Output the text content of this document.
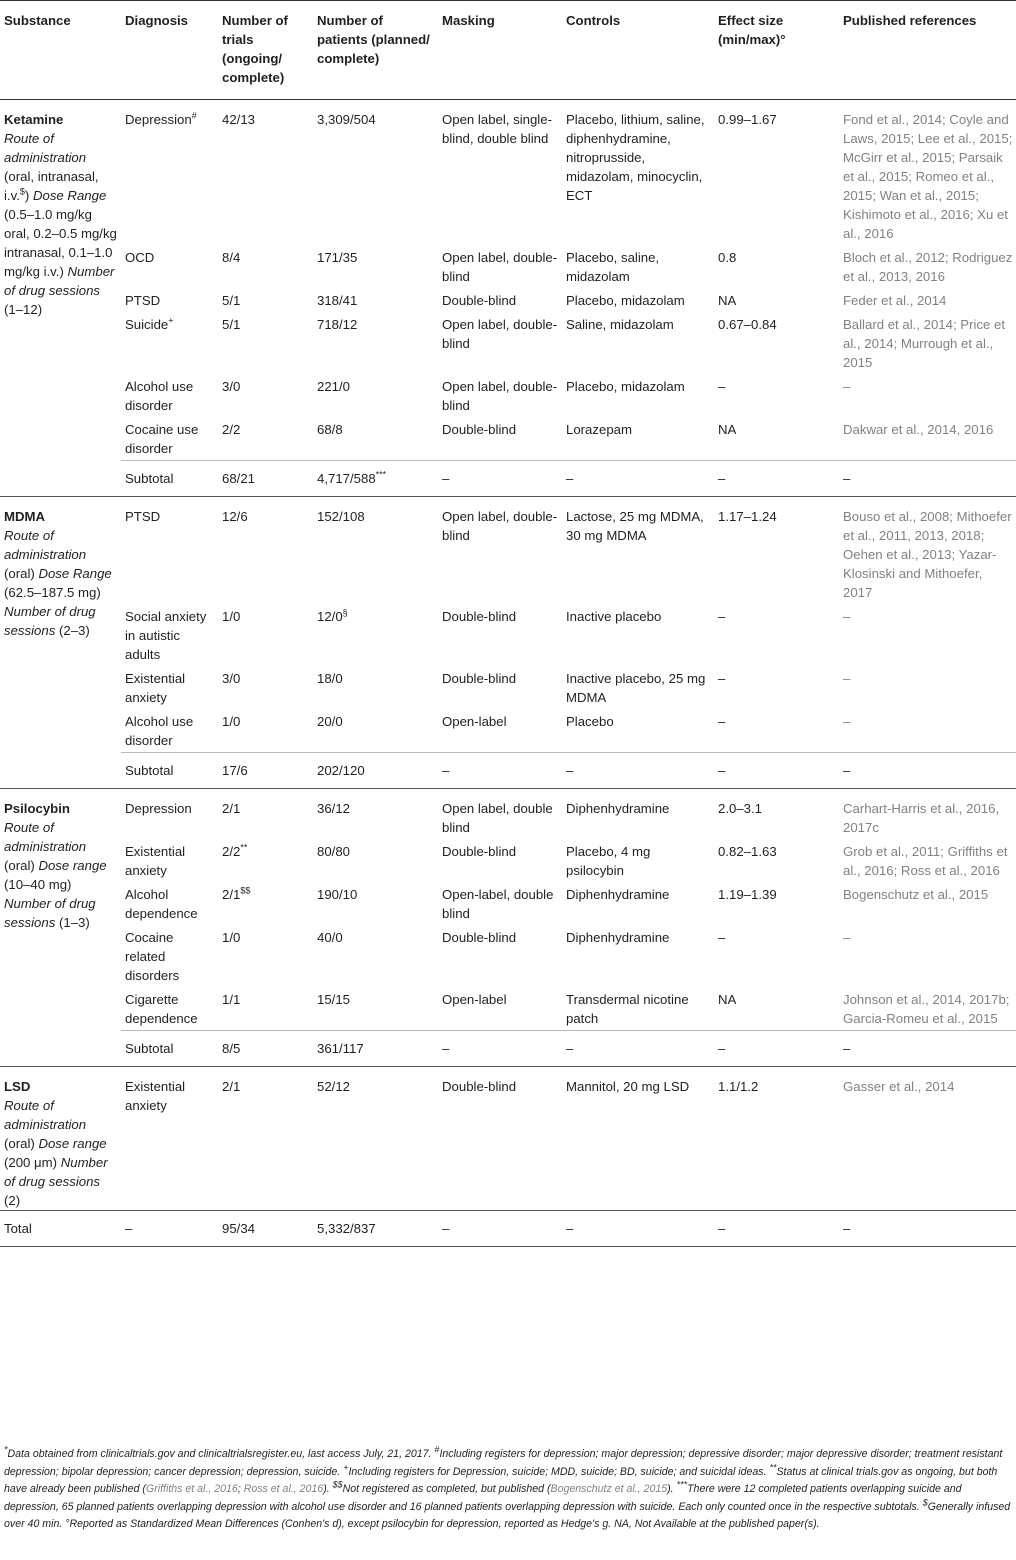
Substance	Diagnosis	Number of trials (ongoing/ complete)	Number of patients (planned/ complete)	Masking	Controls	Effect size (min/max)°	Published references

Ketamine
Route of administration (oral, intranasal, i.v.$) Dose Range (0.5–1.0 mg/kg oral, 0.2–0.5 mg/kg intranasal, 0.1–1.0 mg/kg i.v.) Number of drug sessions (1–12)	Depression#	42/13	3,309/504	Open label, single-blind, double blind	Placebo, lithium, saline, diphenhydramine, nitroprusside, midazolam, minocyclin, ECT	0.99–1.67	Fond et al., 2014; Coyle and Laws, 2015; Lee et al., 2015; McGirr et al., 2015; Parsaik et al., 2015; Romeo et al., 2015; Wan et al., 2015; Kishimoto et al., 2016; Xu et al., 2016
	OCD	8/4	171/35	Open label, double-blind	Placebo, saline, midazolam	0.8	Bloch et al., 2012; Rodriguez et al., 2013, 2016
	PTSD	5/1	318/41	Double-blind	Placebo, midazolam	NA	Feder et al., 2014
	Suicide+	5/1	718/12	Open label, double-blind	Saline, midazolam	0.67–0.84	Ballard et al., 2014; Price et al., 2014; Murrough et al., 2015
	Alcohol use disorder	3/0	221/0	Open label, double-blind	Placebo, midazolam	–	–
	Cocaine use disorder	2/2	68/8	Double-blind	Lorazepam	NA	Dakwar et al., 2014, 2016
	Subtotal	68/21	4,717/588***	–	–	–	–

MDMA
Route of administration (oral) Dose Range (62.5–187.5 mg) Number of drug sessions (2–3)	PTSD	12/6	152/108	Open label, double-blind	Lactose, 25 mg MDMA, 30 mg MDMA	1.17–1.24	Bouso et al., 2008; Mithoefer et al., 2011, 2013, 2018; Oehen et al., 2013; Yazar-Klosinski and Mithoefer, 2017
	Social anxiety in autistic adults	1/0	12/0§	Double-blind	Inactive placebo	–	–
	Existential anxiety	3/0	18/0	Double-blind	Inactive placebo, 25 mg MDMA	–	–
	Alcohol use disorder	1/0	20/0	Open-label	Placebo	–	–
	Subtotal	17/6	202/120	–	–	–	–

Psilocybin
Route of administration (oral) Dose range (10–40 mg) Number of drug sessions (1–3)	Depression	2/1	36/12	Open label, double blind	Diphenhydramine	2.0–3.1	Carhart-Harris et al., 2016, 2017c
	Existential anxiety	2/2**	80/80	Double-blind	Placebo, 4 mg psilocybin	0.82–1.63	Grob et al., 2011; Griffiths et al., 2016; Ross et al., 2016
	Alcohol dependence	2/1$$	190/10	Open-label, double blind	Diphenhydramine	1.19–1.39	Bogenschutz et al., 2015
	Cocaine related disorders	1/0	40/0	Double-blind	Diphenhydramine	–	–
	Cigarette dependence	1/1	15/15	Open-label	Transdermal nicotine patch	NA	Johnson et al., 2014, 2017b; Garcia-Romeu et al., 2015
	Subtotal	8/5	361/117	–	–	–	–

LSD
Route of administration (oral) Dose range (200 μm) Number of drug sessions (2)	Existential anxiety	2/1	52/12	Double-blind	Mannitol, 20 mg LSD	1.1/1.2	Gasser et al., 2014
Total	–	95/34	5,332/837	–	–	–	–
*Data obtained from clinicaltrials.gov and clinicaltrialsregister.eu, last access July, 21, 2017. #Including registers for depression; major depression; depressive disorder; major depressive disorder; treatment resistant depression; bipolar depression; cancer depression; depression, suicide. +Including registers for Depression, suicide; MDD, suicide; BD, suicide; and suicidal ideas. **Status at clinical trials.gov as ongoing, but both have already been published (Griffiths et al., 2016; Ross et al., 2016). $$Not registered as completed, but published (Bogenschutz et al., 2015). ***There were 12 completed patients overlapping suicide and depression, 65 planned patients overlapping depression with alcohol use disorder and 16 planned patients overlapping depression with suicide. Each only counted once in the respective subtotals. $Generally infused over 40 min. °Reported as Standardized Mean Differences (Conhen's d), except psilocybin for depression, reported as Hedge's g. NA, Not Available at the published paper(s).
